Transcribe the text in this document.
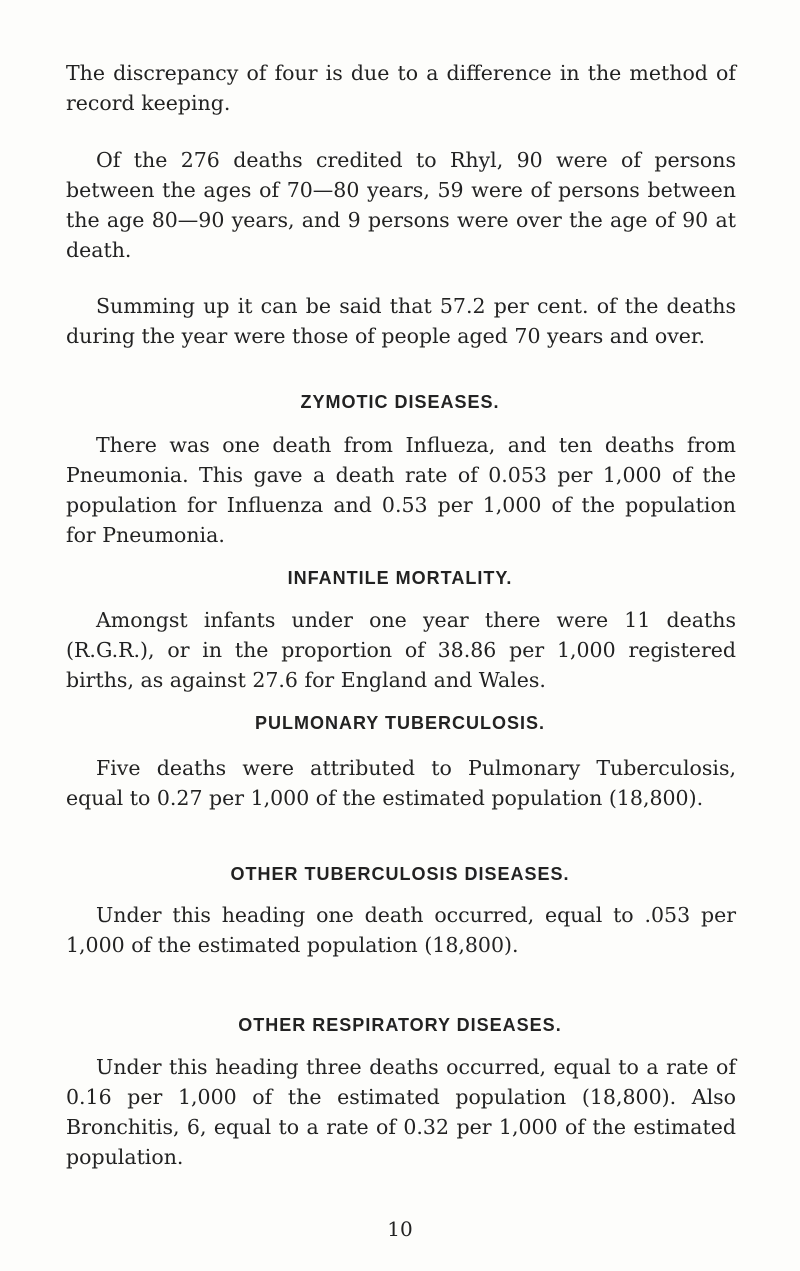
The discrepancy of four is due to a difference in the method of record keeping.

Of the 276 deaths credited to Rhyl, 90 were of persons between the ages of 70—80 years, 59 were of persons between the age 80—90 years, and 9 persons were over the age of 90 at death.

Summing up it can be said that 57.2 per cent. of the deaths during the year were those of people aged 70 years and over.

ZYMOTIC DISEASES.

There was one death from Influeza, and ten deaths from Pneumonia. This gave a death rate of 0.053 per 1,000 of the population for Influenza and 0.53 per 1,000 of the population for Pneumonia.

INFANTILE MORTALITY.

Amongst infants under one year there were 11 deaths (R.G.R.), or in the proportion of 38.86 per 1,000 registered births, as against 27.6 for England and Wales.

PULMONARY TUBERCULOSIS.

Five deaths were attributed to Pulmonary Tuberculosis, equal to 0.27 per 1,000 of the estimated population (18,800).

OTHER TUBERCULOSIS DISEASES.

Under this heading one death occurred, equal to .053 per 1,000 of the estimated population (18,800).

OTHER RESPIRATORY DISEASES.

Under this heading three deaths occurred, equal to a rate of 0.16 per 1,000 of the estimated population (18,800). Also Bronchitis, 6, equal to a rate of 0.32 per 1,000 of the estimated population.

10
